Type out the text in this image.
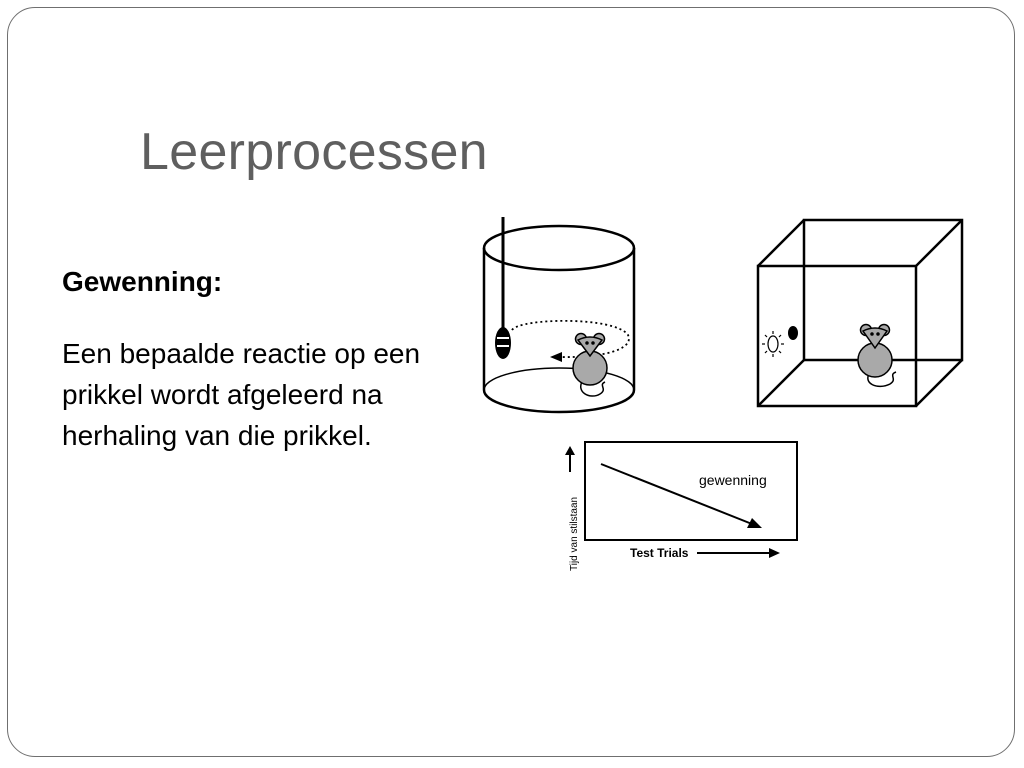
Leerprocessen

Gewenning:

Een bepaalde reactie op een prikkel wordt afgeleerd na herhaling van die prikkel.

gewenning
Tijd van stilstaan	Test Trials
